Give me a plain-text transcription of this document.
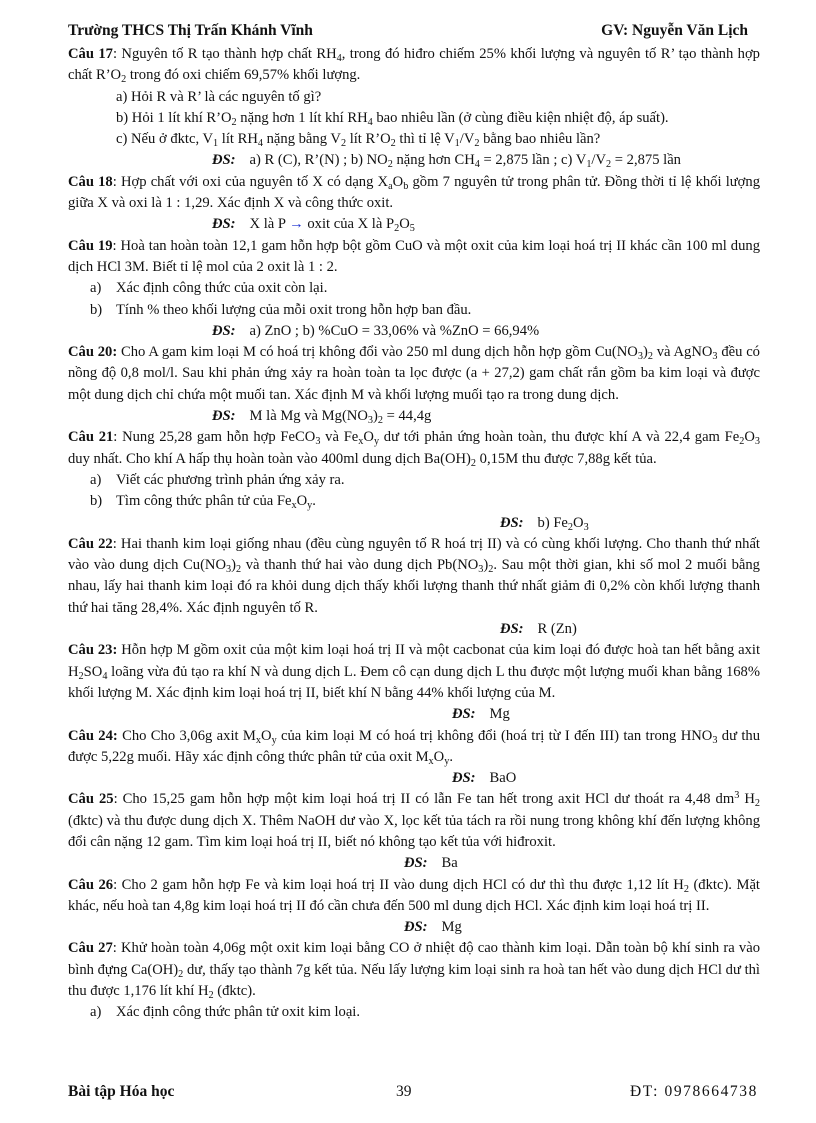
Trường THCS Thị Trấn Khánh Vĩnh	GV: Nguyễn Văn Lịch

Câu 17: Nguyên tố R tạo thành hợp chất $RH_4$, trong đó hiđro chiếm 25% khối lượng và nguyên tố R’ tạo thành hợp chất $R’O_2$ trong đó oxi chiếm 69,57% khối lượng.

a) Hỏi R và R’ là các nguyên tố gì?

b) Hỏi 1 lít khí $R’O_2$ nặng hơn 1 lít khí $RH_4$ bao nhiêu lần (ở cùng điều kiện nhiệt độ, áp suất).

c) Nếu ở đktc, $V_1$ lít $RH_4$ nặng bằng $V_2$ lít $R’O_2$ thì tỉ lệ $V_1/V_2$ bằng bao nhiêu lần?

ĐS: a) R (C), R’(N) ; b) $NO_2$ nặng hơn $CH_4 = 2,875$ lần ; c) $V_1/V_2 = 2,875$ lần

Câu 18: Hợp chất với oxi của nguyên tố X có dạng $X_aO_b$ gồm 7 nguyên tử trong phân tử. Đồng thời tỉ lệ khối lượng giữa X và oxi là 1 : 1,29. Xác định X và công thức oxit.

ĐS: X là P → oxit của X là $P_2O_5$

Câu 19: Hoà tan hoàn toàn 12,1 gam hỗn hợp bột gồm CuO và một oxit của kim loại hoá trị II khác cần 100 ml dung dịch HCl 3M. Biết tỉ lệ mol của 2 oxit là 1 : 2.

a) Xác định công thức của oxit còn lại.

b) Tính % theo khối lượng của mỗi oxit trong hỗn hợp ban đầu.

ĐS: a) ZnO ; b) %CuO = 33,06% và %ZnO = 66,94%

Câu 20: Cho A gam kim loại M có hoá trị không đổi vào 250 ml dung dịch hỗn hợp gồm $Cu(NO_3)_2$ và AgNO$_3$ đều có nồng độ 0,8 mol/l. Sau khi phản ứng xảy ra hoàn toàn ta lọc được (a + 27,2) gam chất rắn gồm ba kim loại và được một dung dịch chỉ chứa một muối tan. Xác định M và khối lượng muối tạo ra trong dung dịch.

ĐS: M là Mg và $Mg(NO_3)_2 = 44,4g$

Câu 21: Nung 25,28 gam hỗn hợp FeCO$_3$ và $Fe_xO_y$ dư tới phản ứng hoàn toàn, thu được khí A và 22,4 gam $Fe_2O_3$ duy nhất. Cho khí A hấp thụ hoàn toàn vào 400ml dung dịch $Ba(OH)_2$ 0,15M thu được 7,88g kết tủa.

a) Viết các phương trình phản ứng xảy ra.

b) Tìm công thức phân tử của $Fe_xO_y$.

ĐS: b) $Fe_2O_3$

Câu 22: Hai thanh kim loại giống nhau (đều cùng nguyên tố R hoá trị II) và có cùng khối lượng. Cho thanh thứ nhất vào vào dung dịch $Cu(NO_3)_2$ và thanh thứ hai vào dung dịch $Pb(NO_3)_2$. Sau một thời gian, khi số mol 2 muối bằng nhau, lấy hai thanh kim loại đó ra khỏi dung dịch thấy khối lượng thanh thứ nhất giảm đi 0,2% còn khối lượng thanh thứ hai tăng 28,4%. Xác định nguyên tố R.

ĐS: R (Zn)

Câu 23: Hỗn hợp M gồm oxit của một kim loại hoá trị II và một cacbonat của kim loại đó được hoà tan hết bằng axit $H_2SO_4$ loãng vừa đủ tạo ra khí N và dung dịch L. Đem cô cạn dung dịch L thu được một lượng muối khan bằng 168% khối lượng M. Xác định kim loại hoá trị II, biết khí N bằng 44% khối lượng của M.

ĐS: Mg

Câu 24: Cho Cho 3,06g axit $M_xO_y$ của kim loại M có hoá trị không đổi (hoá trị từ I đến III) tan trong $HNO_3$ dư thu được 5,22g muối. Hãy xác định công thức phân tử của oxit $M_xO_y$.

ĐS: BaO

Câu 25: Cho 15,25 gam hỗn hợp một kim loại hoá trị II có lẫn Fe tan hết trong axit HCl dư thoát ra 4,48 $dm^3$ $H_2$ (đktc) và thu được dung dịch X. Thêm NaOH dư vào X, lọc kết tủa tách ra rồi nung trong không khí đến lượng không đổi cân nặng 12 gam. Tìm kim loại hoá trị II, biết nó không tạo kết tủa với hiđroxit.

ĐS: Ba

Câu 26: Cho 2 gam hỗn hợp Fe và kim loại hoá trị II vào dung dịch HCl có dư thì thu được 1,12 lít $H_2$ (đktc). Mặt khác, nếu hoà tan 4,8g kim loại hoá trị II đó cần chưa đến 500 ml dung dịch HCl. Xác định kim loại hoá trị II.

ĐS: Mg

Câu 27: Khử hoàn toàn 4,06g một oxit kim loại bằng CO ở nhiệt độ cao thành kim loại. Dẫn toàn bộ khí sinh ra vào bình đựng $Ca(OH)_2$ dư, thấy tạo thành 7g kết tủa. Nếu lấy lượng kim loại sinh ra hoà tan hết vào dung dịch HCl dư thì thu được 1,176 lít khí $H_2$ (đktc).

a) Xác định công thức phân tử oxit kim loại.

Bài tập Hóa học	39	ĐT: 0978664738
